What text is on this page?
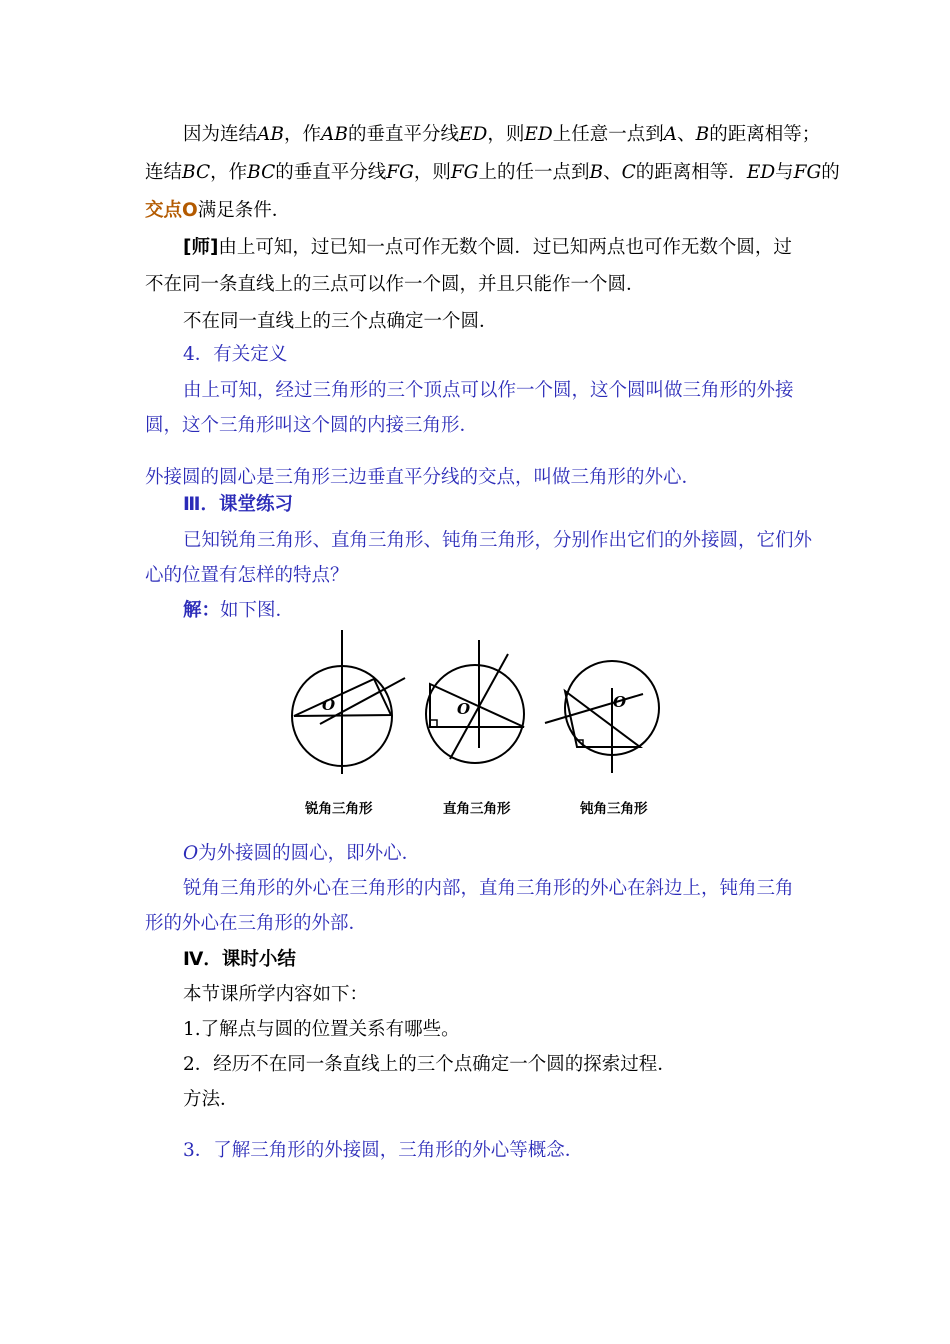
因为连结AB，作AB的垂直平分线ED，则ED上任意一点到A、B的距离相等；
连结BC，作BC的垂直平分线FG，则FG上的任一点到B、C的距离相等．ED与FG的
交点O满足条件．
[师]由上可知，过已知一点可作无数个圆．过已知两点也可作无数个圆，过
不在同一条直线上的三点可以作一个圆，并且只能作一个圆．
不在同一直线上的三个点确定一个圆．
4．有关定义
由上可知，经过三角形的三个顶点可以作一个圆，这个圆叫做三角形的外接
圆，这个三角形叫这个圆的内接三角形．
外接圆的圆心是三角形三边垂直平分线的交点，叫做三角形的外心．
Ⅲ．课堂练习
已知锐角三角形、直角三角形、钝角三角形，分别作出它们的外接圆，它们外
心的位置有怎样的特点？
解：如下图．
O	O	O
锐角三角形	直角三角形	钝角三角形
O为外接圆的圆心，即外心．
锐角三角形的外心在三角形的内部，直角三角形的外心在斜边上，钝角三角
形的外心在三角形的外部．
Ⅳ．课时小结
本节课所学内容如下：
1.了解点与圆的位置关系有哪些。
2．经历不在同一条直线上的三个点确定一个圆的探索过程．
方法．
3．了解三角形的外接圆，三角形的外心等概念．
